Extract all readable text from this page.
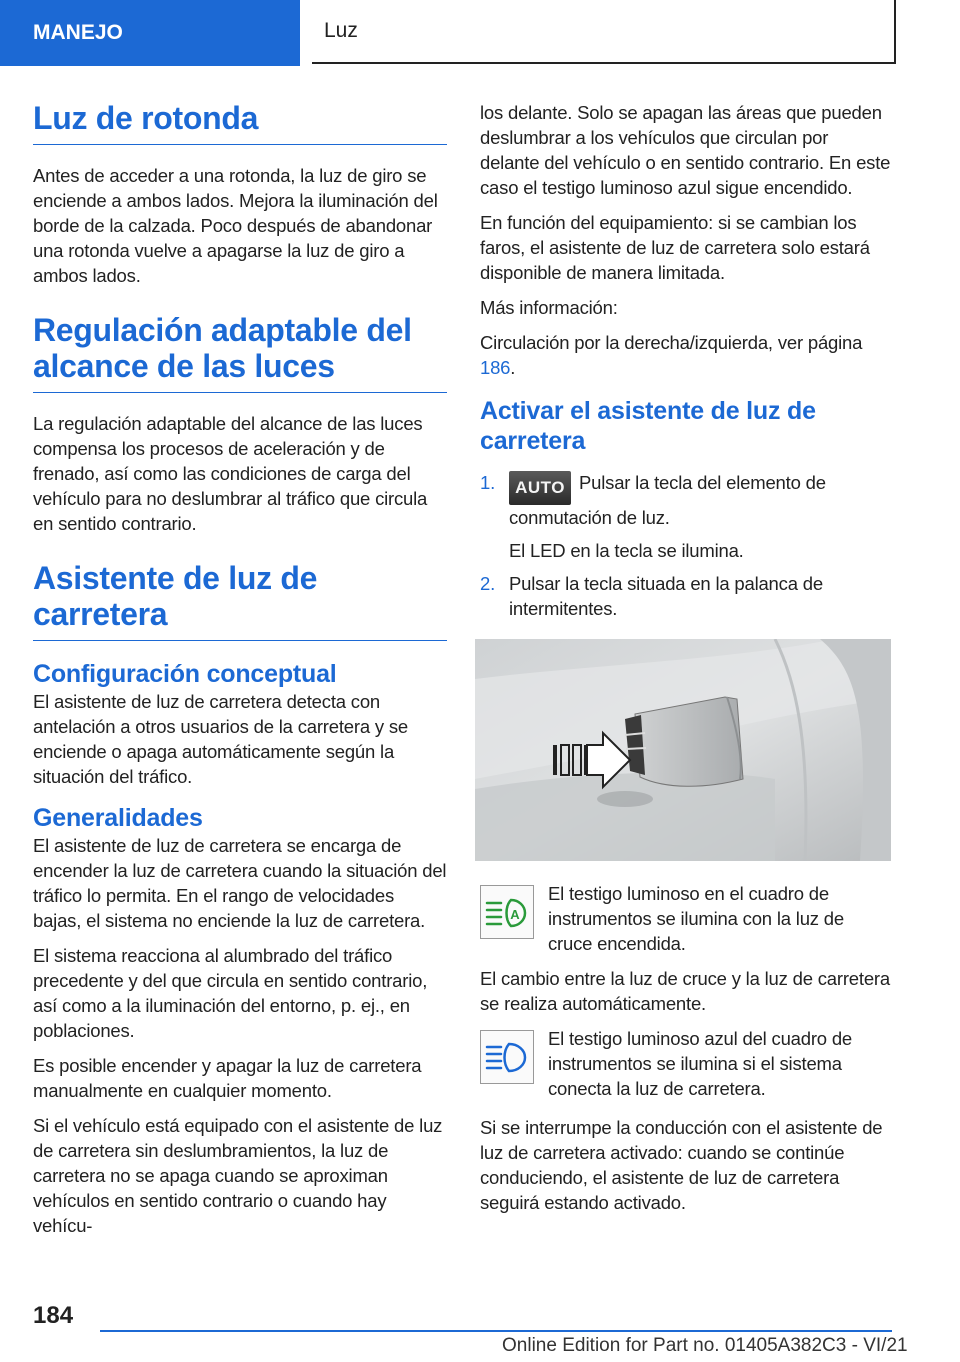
MANEJO	Luz
Luz de rotonda

Antes de acceder a una rotonda, la luz de giro se enciende a ambos lados. Mejora la iluminación del borde de la calzada. Poco después de abandonar una rotonda vuelve a apagarse la luz de giro a ambos lados.

Regulación adaptable del alcance de las luces

La regulación adaptable del alcance de las luces compensa los procesos de aceleración y de frenado, así como las condiciones de carga del vehículo para no deslumbrar al tráfico que circula en sentido contrario.

Asistente de luz de carretera
Configuración conceptual

El asistente de luz de carretera detecta con antelación a otros usuarios de la carretera y se enciende o apaga automáticamente según la situación del tráfico.

Generalidades

El asistente de luz de carretera se encarga de encender la luz de carretera cuando la situación del tráfico lo permita. En el rango de velocidades bajas, el sistema no enciende la luz de carretera.

El sistema reacciona al alumbrado del tráfico precedente y del que circula en sentido contrario, así como a la iluminación del entorno, p. ej., en poblaciones.

Es posible encender y apagar la luz de carretera manualmente en cualquier momento.

Si el vehículo está equipado con el asistente de luz de carretera sin deslumbramientos, la luz de carretera no se apaga cuando se aproximan vehículos en sentido contrario o cuando hay vehícu-

los delante. Solo se apagan las áreas que pueden deslumbrar a los vehículos que circulan por delante del vehículo o en sentido contrario. En este caso el testigo luminoso azul sigue encendido.

En función del equipamiento: si se cambian los faros, el asistente de luz de carretera solo estará disponible de manera limitada.

Más información:

Circulación por la derecha/izquierda, ver página 186.

Activar el asistente de luz de carretera
1. AUTO Pulsar la tecla del elemento de conmutación de luz.
El LED en la tecla se ilumina.
2. Pulsar la tecla situada en la palanca de intermitentes.
A

El testigo luminoso en el cuadro de instrumentos se ilumina con la luz de cruce encendida.

El cambio entre la luz de cruce y la luz de carretera se realiza automáticamente.

El testigo luminoso azul del cuadro de instrumentos se ilumina si el sistema conecta la luz de carretera.

Si se interrumpe la conducción con el asistente de luz de carretera activado: cuando se continúe conduciendo, el asistente de luz de carretera seguirá estando activado.

184
Online Edition for Part no. 01405A382C3 - VI/21
